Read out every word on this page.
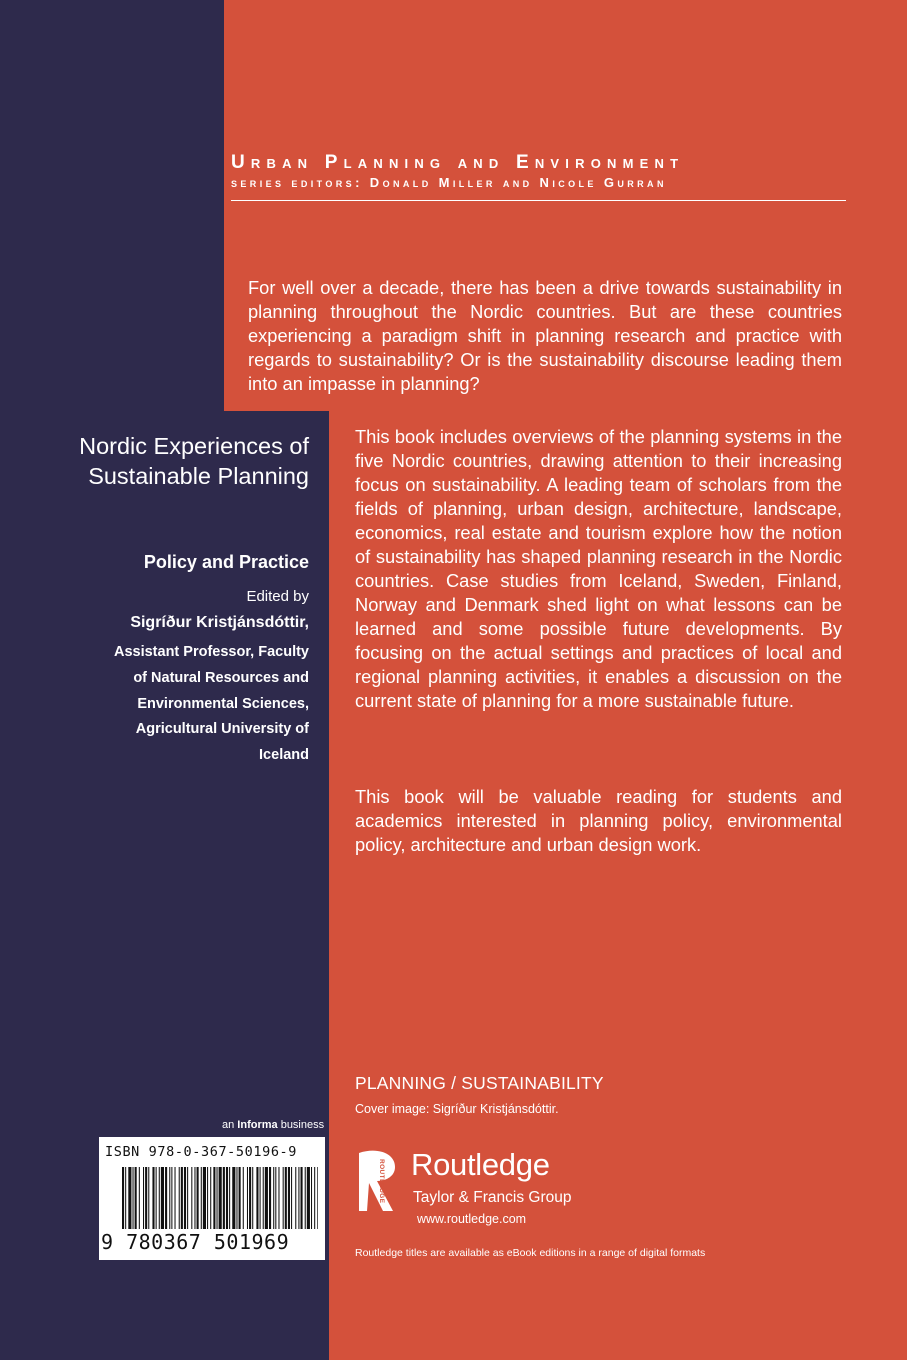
Urban Planning and Environment
series editors: Donald Miller and Nicole Gurran
For well over a decade, there has been a drive towards sustainability in planning throughout the Nordic countries. But are these countries experiencing a paradigm shift in planning research and practice with regards to sustainability? Or is the sustainability discourse leading them into an impasse in planning?
This book includes overviews of the planning systems in the five Nordic countries, drawing attention to their increasing focus on sustainability. A leading team of scholars from the fields of planning, urban design, architecture, landscape, economics, real estate and tourism explore how the notion of sustainability has shaped planning research in the Nordic countries. Case studies from Iceland, Sweden, Finland, Norway and Denmark shed light on what lessons can be learned and some possible future developments. By focusing on the actual settings and practices of local and regional planning activities, it enables a discussion on the current state of planning for a more sustainable future.
This book will be valuable reading for students and academics interested in planning policy, environmental policy, architecture and urban design work.
Nordic Experiences of Sustainable Planning
Policy and Practice
Edited by
Sigríður Kristjánsdóttir,
Assistant Professor, Faculty of Natural Resources and Environmental Sciences, Agricultural University of Iceland
PLANNING / SUSTAINABILITY
Cover image: Sigríður Kristjánsdóttir.
an Informa business
ISBN 978-0-367-50196-9
9 780367 501969
ROUTLEDGE Routledge
Taylor & Francis Group
www.routledge.com
Routledge titles are available as eBook editions in a range of digital formats
